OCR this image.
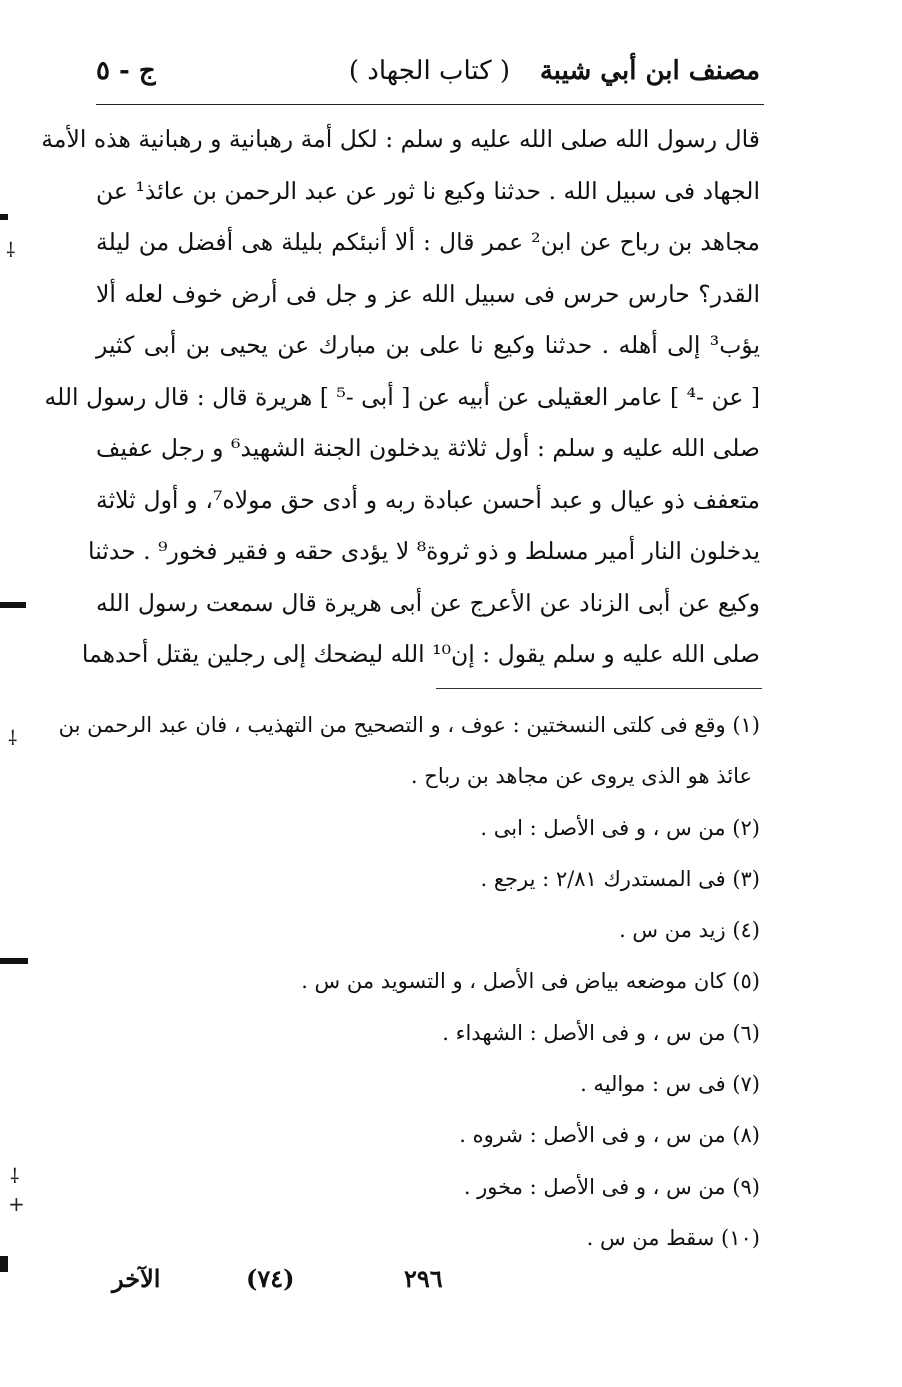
مصنف ابن أبي شيبة
( كتاب الجهاد )
ج - ٥
قال رسول الله صلى الله عليه و سلم : لكل أمة رهبانية و رهبانية هذه الأمة
الجهاد فى سبيل الله . حدثنا وكيع نا ثور عن عبد الرحمن بن عائذ¹ عن
مجاهد بن رباح عن ابن² عمر قال : ألا أنبئكم بليلة هى أفضل من ليلة
القدر؟ حارس حرس فى سبيل الله عز و جل فى أرض خوف لعله ألا
يؤب³ إلى أهله . حدثنا وكيع نا على بن مبارك عن يحيى بن أبى كثير
[ عن -⁴ ] عامر العقيلى عن أبيه عن [ أبى -⁵ ] هريرة قال : قال رسول الله
صلى الله عليه و سلم : أول ثلاثة يدخلون الجنة الشهيد⁶ و رجل عفيف
متعفف ذو عيال و عبد أحسن عبادة ربه و أدى حق مولاه⁷، و أول ثلاثة
يدخلون النار أمير مسلط و ذو ثروة⁸ لا يؤدى حقه و فقير فخور⁹ . حدثنا
وكيع عن أبى الزناد عن الأعرج عن أبى هريرة قال سمعت رسول الله
صلى الله عليه و سلم يقول : إن¹⁰ الله ليضحك إلى رجلين يقتل أحدهما
(١) وقع فى كلتى النسختين : عوف ، و التصحيح من التهذيب ، فان عبد الرحمن بن
عائذ هو الذى يروى عن مجاهد بن رباح .
(٢) من س ، و فى الأصل : ابى .
(٣) فى المستدرك ٢/٨١ : يرجع .
(٤) زيد من س .
(٥) كان موضعه بياض فى الأصل ، و التسويد من س .
(٦) من س ، و فى الأصل : الشهداء .
(٧) فى س : مواليه .
(٨) من س ، و فى الأصل : شروه .
(٩) من س ، و فى الأصل : مخور .
(١٠) سقط من س .
٢٩٦
(٧٤)
الآخر
⸸
⸸
⸸
+
